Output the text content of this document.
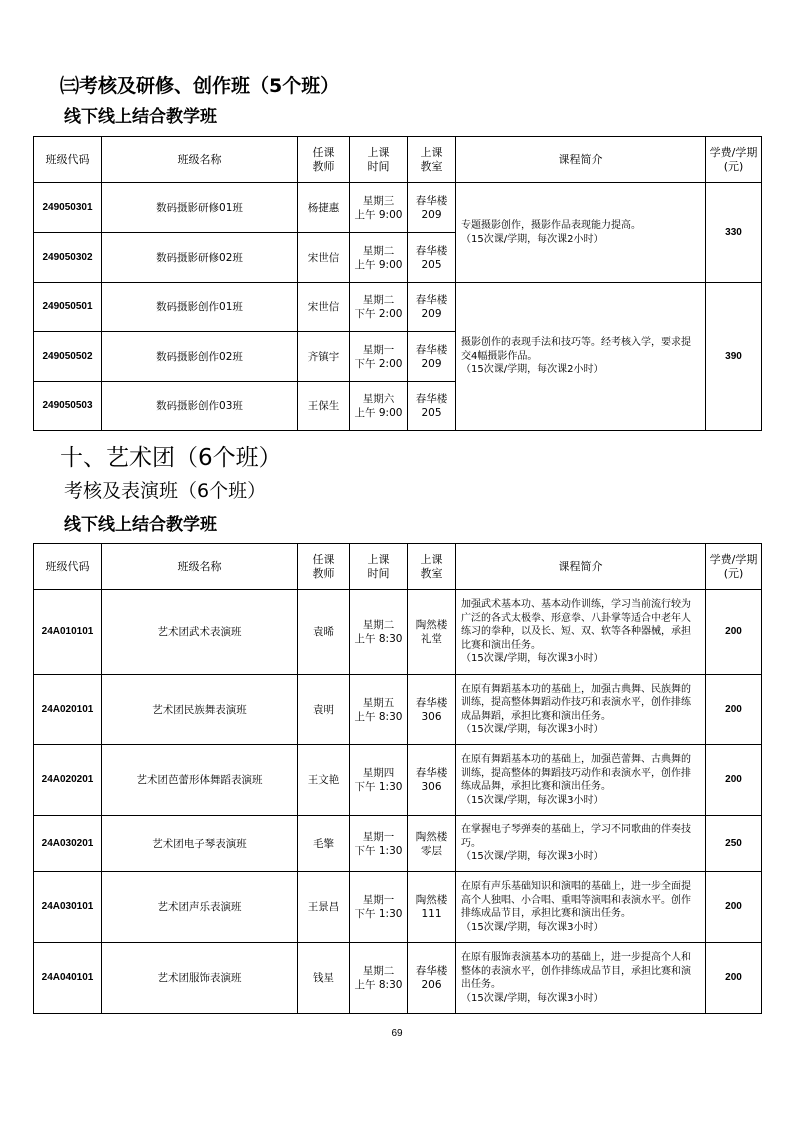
㈢考核及研修、创作班（5个班）
线下线上结合教学班
班级代码	班级名称	任课
教师	上课
时间	上课
教室	课程简介	学费/学期
(元)
249050301	数码摄影研修01班	杨捷惠	星期三
上午 9:00	春华楼
209	专题摄影创作，摄影作品表现能力提高。
（15次课/学期，每次课2小时）	330
249050302	数码摄影研修02班	宋世信	星期二
上午 9:00	春华楼
205		
249050501	数码摄影创作01班	宋世信	星期二
下午 2:00	春华楼
209	摄影创作的表现手法和技巧等。经考核入学，要求提交4幅摄影作品。
（15次课/学期，每次课2小时）	390
249050502	数码摄影创作02班	齐镇宇	星期一
下午 2:00	春华楼
209		
249050503	数码摄影创作03班	王保生	星期六
上午 9:00	春华楼
205		
十、艺术团（6个班）
考核及表演班（6个班）
线下线上结合教学班
班级代码	班级名称	任课
教师	上课
时间	上课
教室	课程简介	学费/学期
(元)
24A010101	艺术团武术表演班	袁晞	星期二
上午 8:30	陶然楼
礼堂	加强武术基本功、基本动作训练，学习当前流行较为广泛的各式太极拳、形意拳、八卦掌等适合中老年人练习的拳种，以及长、短、双、软等各种器械，承担比赛和演出任务。
（15次课/学期，每次课3小时）	200
24A020101	艺术团民族舞表演班	袁明	星期五
上午 8:30	春华楼
306	在原有舞蹈基本功的基础上，加强古典舞、民族舞的训练，提高整体舞蹈动作技巧和表演水平，创作排练成品舞蹈，承担比赛和演出任务。
（15次课/学期，每次课3小时）	200
24A020201	艺术团芭蕾形体舞蹈表演班	王文艳	星期四
下午 1:30	春华楼
306	在原有舞蹈基本功的基础上，加强芭蕾舞、古典舞的训练，提高整体的舞蹈技巧动作和表演水平，创作排练成品舞，承担比赛和演出任务。
（15次课/学期，每次课3小时）	200
24A030201	艺术团电子琴表演班	毛擎	星期一
下午 1:30	陶然楼
零层	在掌握电子琴弹奏的基础上，学习不同歌曲的伴奏技巧。
（15次课/学期，每次课3小时）	250
24A030101	艺术团声乐表演班	王景昌	星期一
下午 1:30	陶然楼
111	在原有声乐基础知识和演唱的基础上，进一步全面提高个人独唱、小合唱、重唱等演唱和表演水平。创作排练成品节目，承担比赛和演出任务。
（15次课/学期，每次课3小时）	200
24A040101	艺术团服饰表演班	钱星	星期二
上午 8:30	春华楼
206	在原有服饰表演基本功的基础上，进一步提高个人和整体的表演水平，创作排练成品节目，承担比赛和演出任务。
（15次课/学期，每次课3小时）	200
69
